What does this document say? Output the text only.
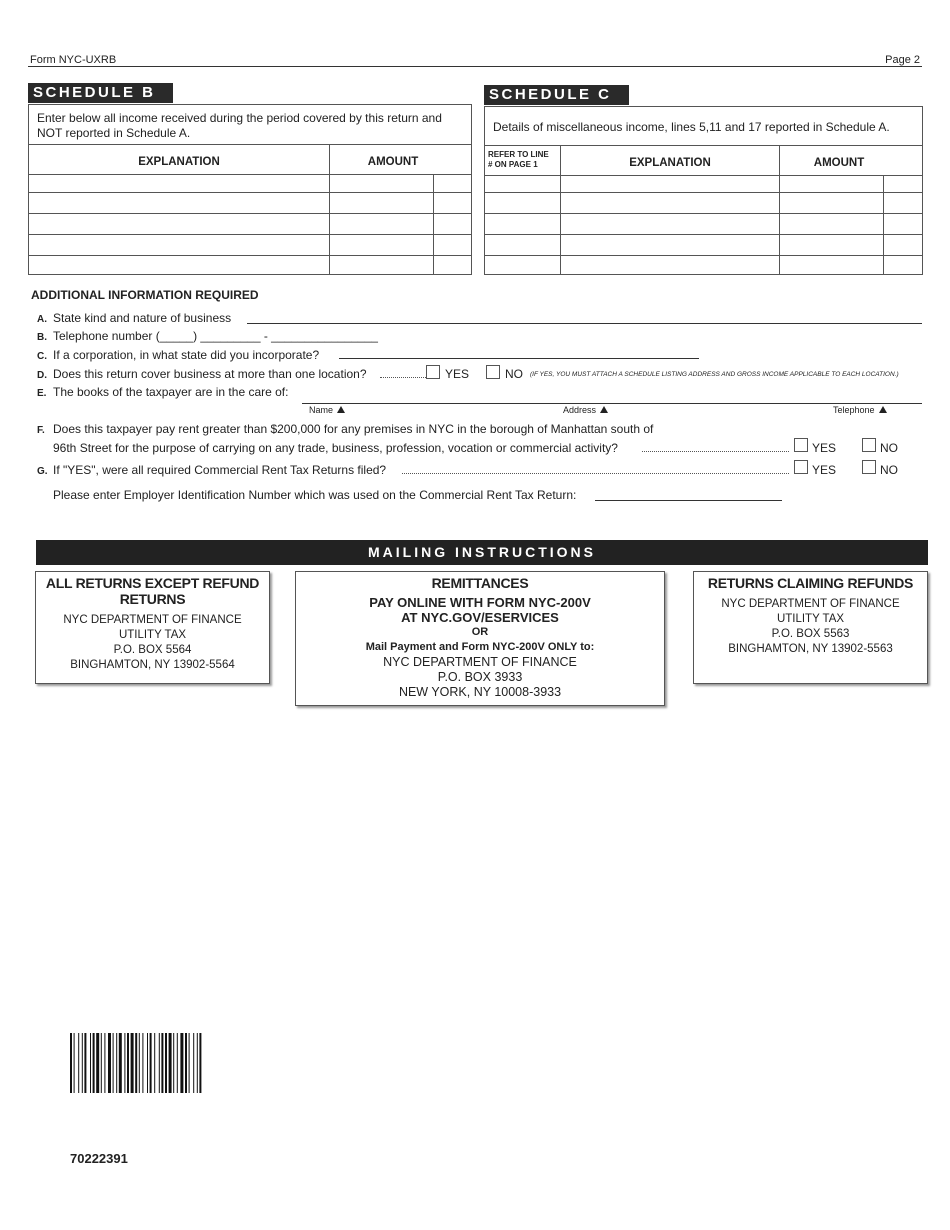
Form NYC-UXRB	Page 2
SCHEDULE B
Enter below all income received during the period covered by this return and NOT reported in Schedule A.
EXPLANATION	AMOUNT
SCHEDULE C
Details of miscellaneous income, lines 5,11 and 17 reported in Schedule A.
REFER TO LINE
# ON PAGE 1	EXPLANATION	AMOUNT
ADDITIONAL INFORMATION REQUIRED
A. State kind and nature of business
B. Telephone number (_____) _________ - ________________
C. If a corporation, in what state did you incorporate?
D. Does this return cover business at more than one location?	YES	NO (IF YES, YOU MUST ATTACH A SCHEDULE LISTING ADDRESS AND GROSS INCOME APPLICABLE TO EACH LOCATION.)
E. The books of the taxpayer are in the care of:
Name	Address	Telephone
F. Does this taxpayer pay rent greater than $200,000 for any premises in NYC in the borough of Manhattan south of
96th Street for the purpose of carrying on any trade, business, profession, vocation or commercial activity?	YES	NO
G. If "YES", were all required Commercial Rent Tax Returns filed?	YES	NO
Please enter Employer Identification Number which was used on the Commercial Rent Tax Return:
MAILING INSTRUCTIONS
ALL RETURNS EXCEPT REFUND RETURNS
NYC DEPARTMENT OF FINANCE
UTILITY TAX
P.O. BOX 5564
BINGHAMTON, NY 13902-5564
REMITTANCES
PAY ONLINE WITH FORM NYC-200V
AT NYC.GOV/ESERVICES
OR
Mail Payment and Form NYC-200V ONLY to:
NYC DEPARTMENT OF FINANCE
P.O. BOX 3933
NEW YORK, NY 10008-3933
RETURNS CLAIMING REFUNDS
NYC DEPARTMENT OF FINANCE
UTILITY TAX
P.O. BOX 5563
BINGHAMTON, NY 13902-5563
70222391
